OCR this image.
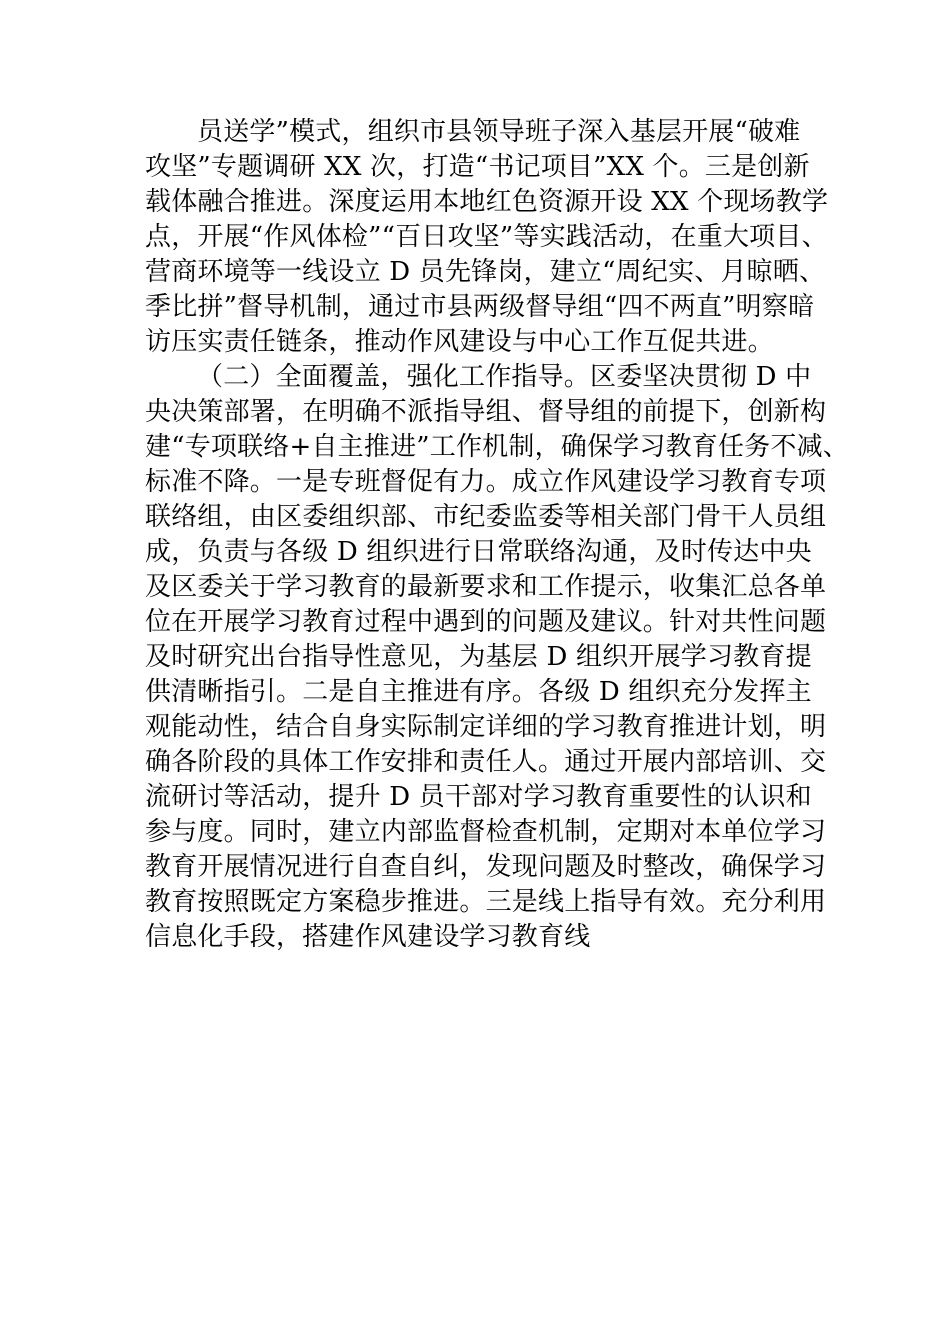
员送学”模式，组织市县领导班子深入基层开展“破难
攻坚”专题调研 XX 次，打造“书记项目”XX 个。三是创新
载体融合推进。深度运用本地红色资源开设 XX 个现场教学
点，开展“作风体检”“百日攻坚”等实践活动，在重大项目、
营商环境等一线设立 D 员先锋岗，建立“周纪实、月晾晒、
季比拼”督导机制，通过市县两级督导组“四不两直”明察暗
访压实责任链条，推动作风建设与中心工作互促共进。
（二）全面覆盖，强化工作指导。区委坚决贯彻 D 中
央决策部署，在明确不派指导组、督导组的前提下，创新构
建“专项联络+自主推进”工作机制，确保学习教育任务不减、
标准不降。一是专班督促有力。成立作风建设学习教育专项
联络组，由区委组织部、市纪委监委等相关部门骨干人员组
成，负责与各级 D 组织进行日常联络沟通，及时传达中央
及区委关于学习教育的最新要求和工作提示，收集汇总各单
位在开展学习教育过程中遇到的问题及建议。针对共性问题
及时研究出台指导性意见，为基层 D 组织开展学习教育提
供清晰指引。二是自主推进有序。各级 D 组织充分发挥主
观能动性，结合自身实际制定详细的学习教育推进计划，明
确各阶段的具体工作安排和责任人。通过开展内部培训、交
流研讨等活动，提升 D 员干部对学习教育重要性的认识和
参与度。同时，建立内部监督检查机制，定期对本单位学习
教育开展情况进行自查自纠，发现问题及时整改，确保学习
教育按照既定方案稳步推进。三是线上指导有效。充分利用
信息化手段，搭建作风建设学习教育线
